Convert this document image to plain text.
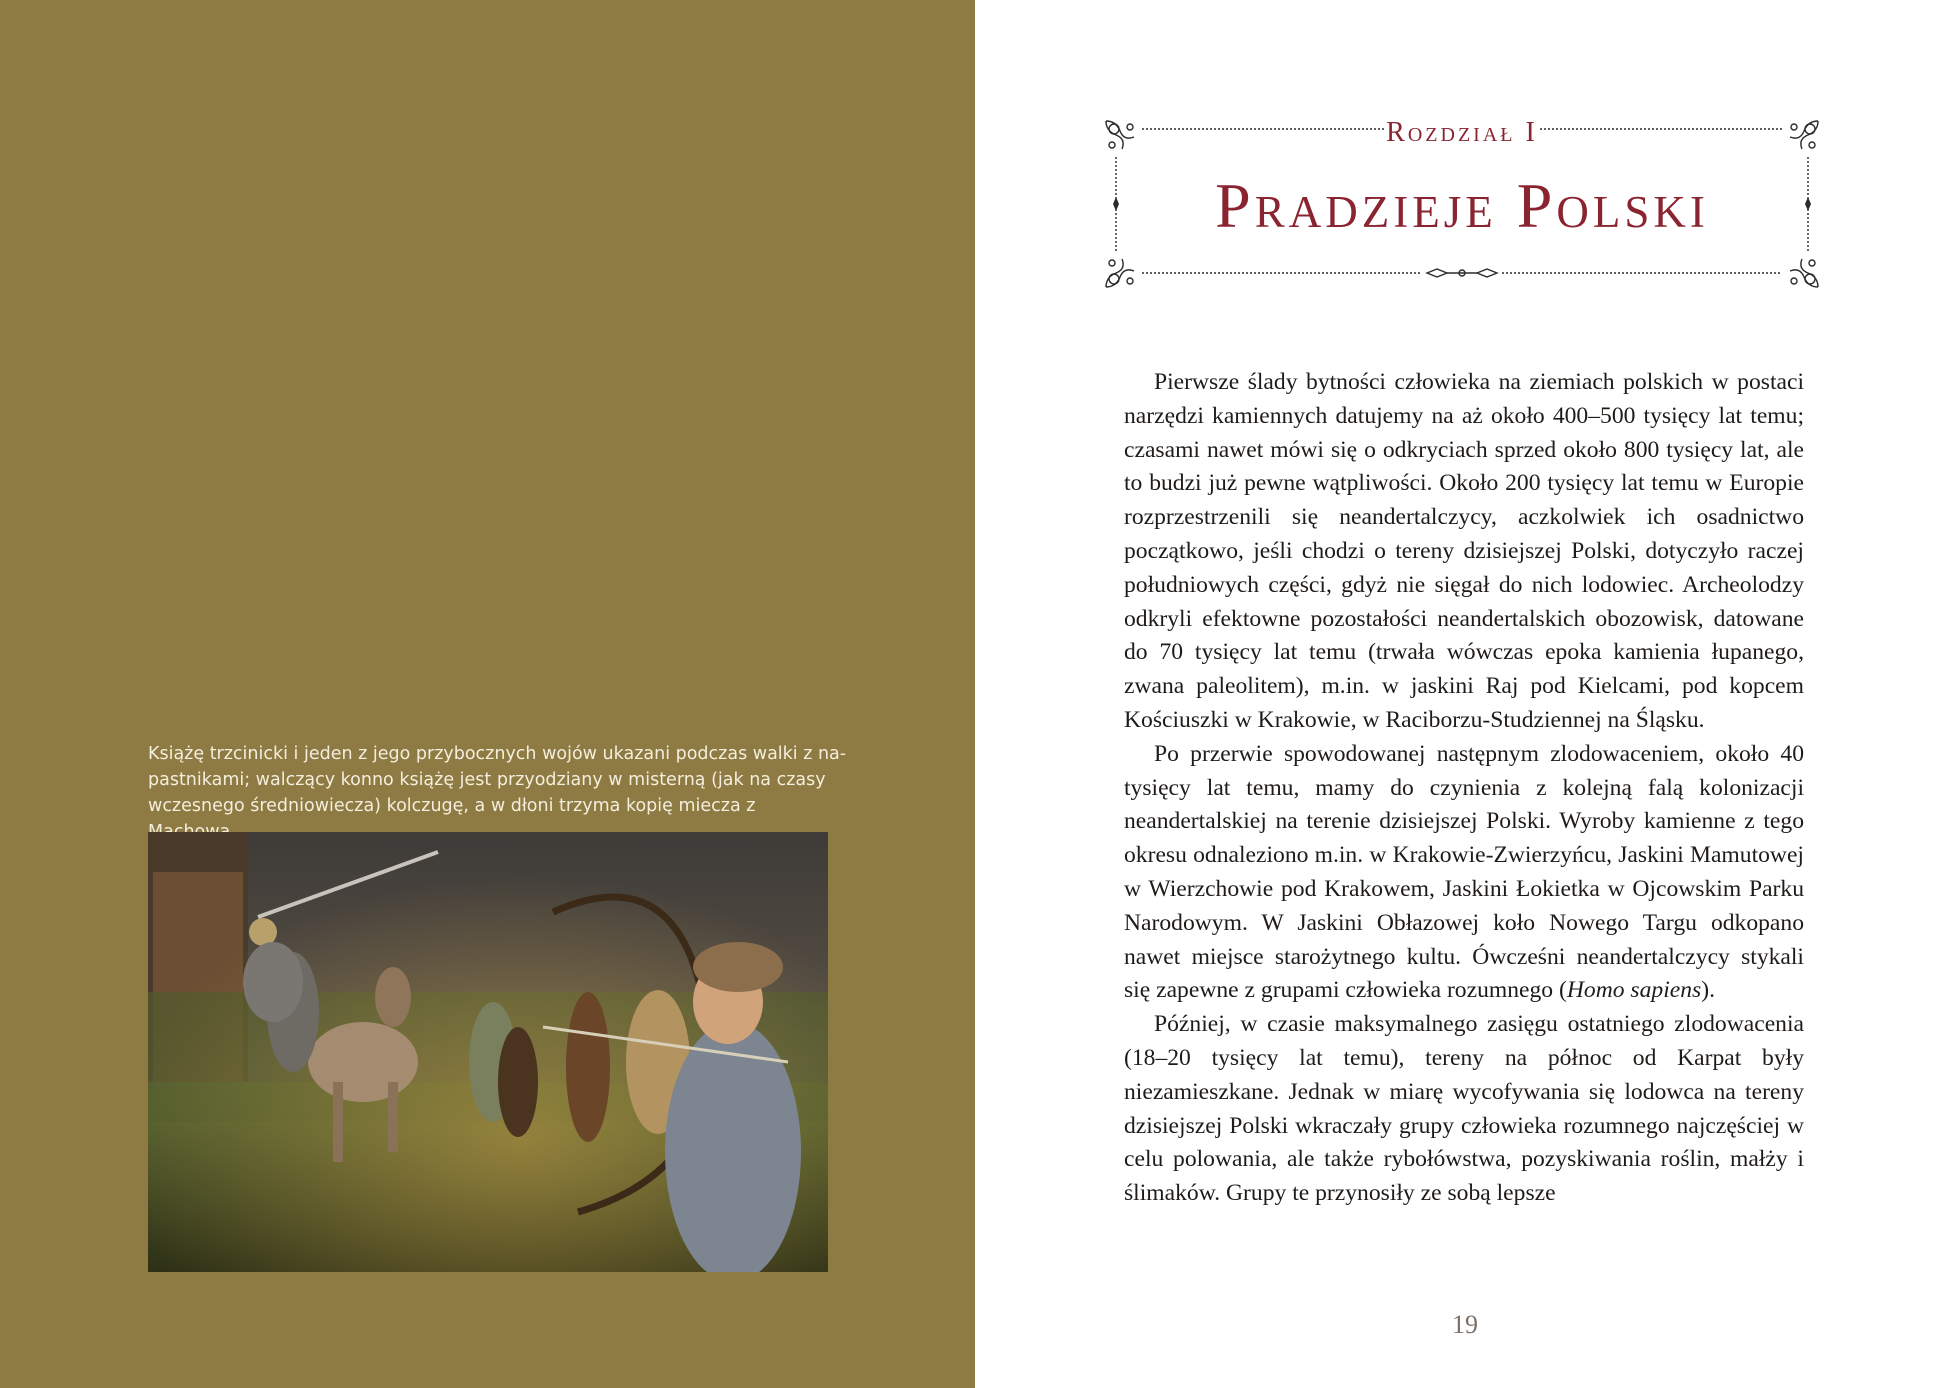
Książę trzcinicki i jeden z jego przybocznych wojów ukazani podczas walki z na-

pastnikami; walczący konno książę jest przyodziany w misterną (jak na czasy

wczesnego średniowiecza) kolczugę, a w dłoni trzyma kopię miecza z

Rozdział I
Pradzieje Polski

Pierwsze ślady bytności człowieka na ziemiach polskich w postaci narzędzi kamiennych datujemy na aż około 400–500 tysięcy lat temu; czasami nawet mówi się o odkryciach sprzed około 800 tysięcy lat, ale to budzi już pewne wątpliwości. Około 200 tysięcy lat temu w Europie rozprzestrzenili się neandertalczycy, aczkolwiek ich osadnictwo początkowo, jeśli chodzi o tereny dzisiejszej Polski, dotyczyło raczej południowych części, gdyż nie sięgał do nich lodowiec. Archeolodzy odkryli efektowne pozostałości neandertalskich obozowisk, datowane do 70 tysięcy lat temu (trwała wówczas epoka kamienia łupanego, zwana paleolitem), m.in. w jaskini Raj pod Kielcami, pod kopcem Kościuszki w Krakowie, w Raciborzu-Studziennej na Śląsku.

Po przerwie spowodowanej następnym zlodowaceniem, około 40 tysięcy lat temu, mamy do czynienia z kolejną falą kolonizacji neandertalskiej na terenie dzisiejszej Polski. Wyroby kamienne z tego okresu odnaleziono m.in. w Krakowie-Zwierzyńcu, Jaskini Mamutowej w Wierzchowie pod Krakowem, Jaskini Łokietka w Ojcowskim Parku Narodowym. W Jaskini Obłazowej koło Nowego Targu odkopano nawet miejsce starożytnego kultu. Ówcześni neandertalczycy stykali się zapewne z grupami człowieka rozumnego (Homo sapiens).

Później, w czasie maksymalnego zasięgu ostatniego zlodowacenia (18–20 tysięcy lat temu), tereny na północ od Karpat były niezamieszkane. Jednak w miarę wycofywania się lodowca na tereny dzisiejszej Polski wkraczały grupy człowieka rozumnego najczęściej w celu polowania, ale także rybołówstwa, pozyskiwania roślin, małży i ślimaków. Grupy te przynosiły ze sobą lepsze

19
